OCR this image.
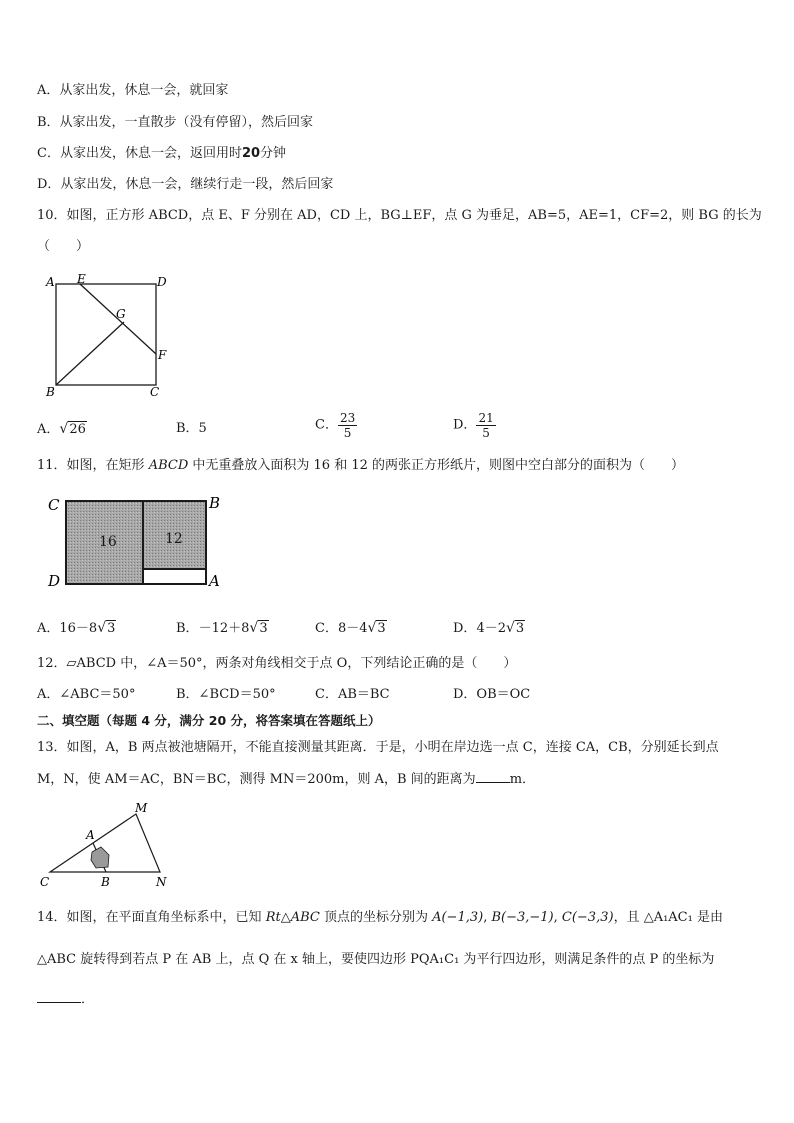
A．从家出发，休息一会，就回家
B．从家出发，一直散步（没有停留），然后回家
C．从家出发，休息一会，返回用时20分钟
D．从家出发，休息一会，继续行走一段，然后回家
10．如图，正方形 ABCD，点 E、F 分别在 AD，CD 上，BG⊥EF，点 G 为垂足，AB=5，AE=1，CF=2，则 BG 的长为
（　　）
A E	D
G
F
B	C
A．√26	B．5	C． $\frac{23}{5}$	D． $\frac{21}{5}$
11．如图，在矩形 ABCD 中无重叠放入面积为 16 和 12 的两张正方形纸片，则图中空白部分的面积为（　　）
16	12
C	B
D	A
A．16－8√3	B．－12＋8√3	C．8－4√3	D．4－2√3
12．▱ABCD 中，∠A＝50°，两条对角线相交于点 O，下列结论正确的是（　　）
A．∠ABC＝50°	B．∠BCD＝50°	C．AB＝BC	D．OB＝OC
二、填空题（每题 4 分，满分 20 分，将答案填在答题纸上）
13．如图，A，B 两点被池塘隔开，不能直接测量其距离．于是，小明在岸边选一点 C，连接 CA，CB，分别延长到点
M，N，使 AM＝AC，BN＝BC，测得 MN＝200m，则 A，B 间的距离为	m．
M
A
C	B	N
14．如图，在平面直角坐标系中，已知 Rt△ABC 顶点的坐标分别为 A(−1,3), B(−3,−1), C(−3,3)，且 △A₁AC₁ 是由
△ABC 旋转得到若点 P 在 AB 上，点 Q 在 x 轴上，要使四边形 PQA₁C₁ 为平行四边形，则满足条件的点 P 的坐标为
．
